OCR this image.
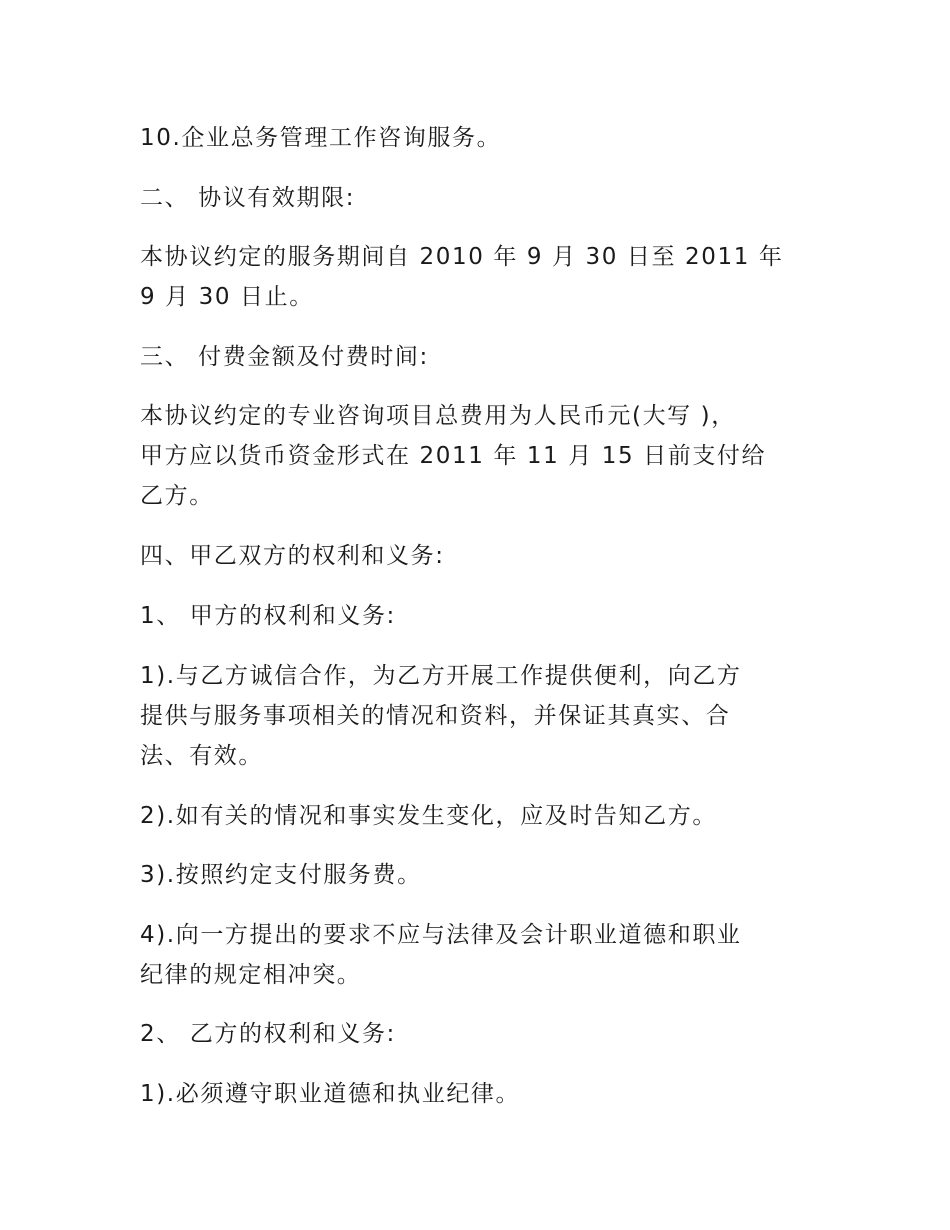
10.企业总务管理工作咨询服务。
二、 协议有效期限:
本协议约定的服务期间自 2010 年 9 月 30 日至 2011 年
9 月 30 日止。
三、 付费金额及付费时间:
本协议约定的专业咨询项目总费用为人民币元(大写 )，
甲方应以货币资金形式在 2011 年 11 月 15 日前支付给
乙方。
四、甲乙双方的权利和义务:
1、 甲方的权利和义务:
1).与乙方诚信合作，为乙方开展工作提供便利，向乙方
提供与服务事项相关的情况和资料，并保证其真实、合
法、有效。
2).如有关的情况和事实发生变化，应及时告知乙方。
3).按照约定支付服务费。
4).向一方提出的要求不应与法律及会计职业道德和职业
纪律的规定相冲突。
2、 乙方的权利和义务:
1).必须遵守职业道德和执业纪律。
